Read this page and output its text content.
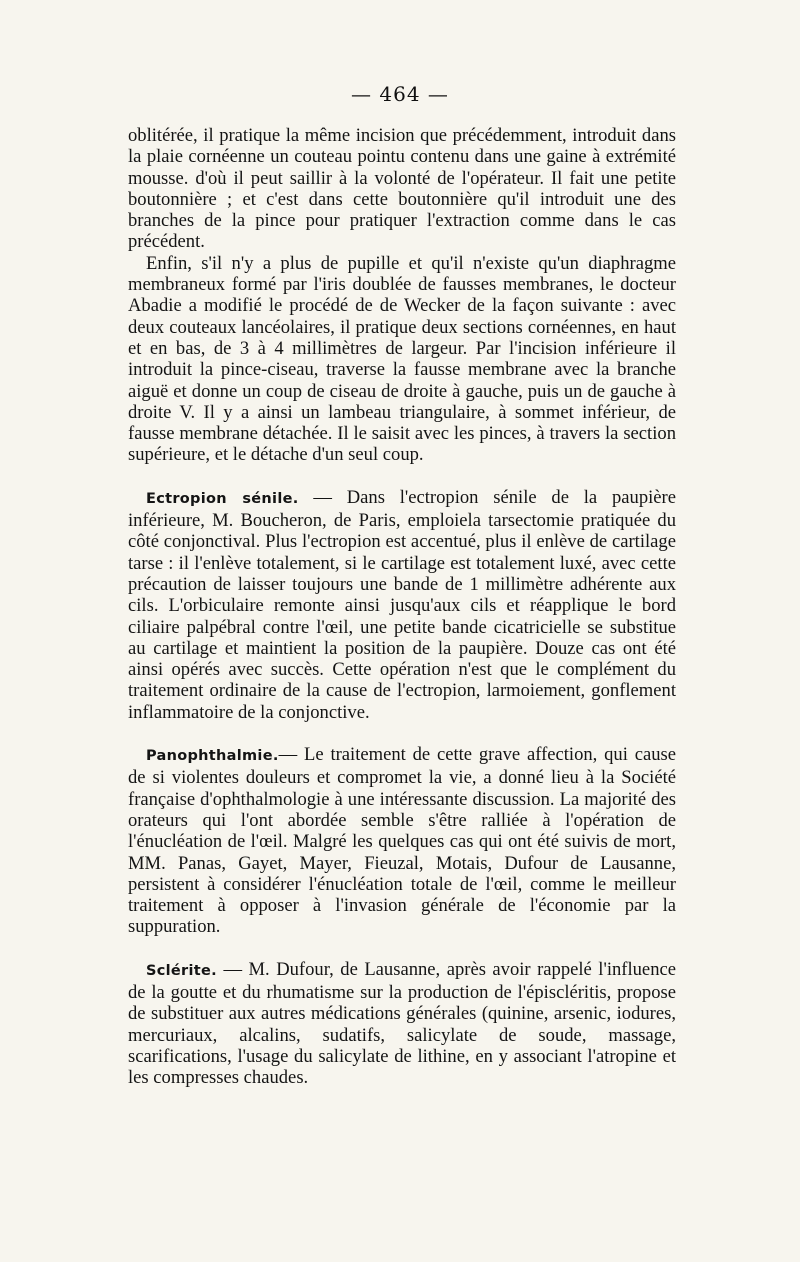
— 464 —

oblitérée, il pratique la même incision que précédemment, introduit dans la plaie cornéenne un couteau pointu contenu dans une gaine à extrémité mousse. d'où il peut saillir à la volonté de l'opérateur. Il fait une petite boutonnière ; et c'est dans cette boutonnière qu'il introduit une des branches de la pince pour pratiquer l'extraction comme dans le cas précédent.

Enfin, s'il n'y a plus de pupille et qu'il n'existe qu'un diaphragme membraneux formé par l'iris doublée de fausses membranes, le docteur Abadie a modifié le procédé de de Wecker de la façon suivante : avec deux couteaux lancéolaires, il pratique deux sections cornéennes, en haut et en bas, de 3 à 4 millimètres de largeur. Par l'incision inférieure il introduit la pince-ciseau, traverse la fausse membrane avec la branche aiguë et donne un coup de ciseau de droite à gauche, puis un de gauche à droite V. Il y a ainsi un lambeau triangulaire, à sommet inférieur, de fausse membrane détachée. Il le saisit avec les pinces, à travers la section supérieure, et le détache d'un seul coup.

Ectropion sénile. — Dans l'ectropion sénile de la paupière inférieure, M. Boucheron, de Paris, emploiela tarsectomie pratiquée du côté conjonctival. Plus l'ectropion est accentué, plus il enlève de cartilage tarse : il l'enlève totalement, si le cartilage est totalement luxé, avec cette précaution de laisser toujours une bande de 1 millimètre adhérente aux cils. L'orbiculaire remonte ainsi jusqu'aux cils et réapplique le bord ciliaire palpébral contre l'œil, une petite bande cicatricielle se substitue au cartilage et maintient la position de la paupière. Douze cas ont été ainsi opérés avec succès. Cette opération n'est que le complément du traitement ordinaire de la cause de l'ectropion, larmoiement, gonflement inflammatoire de la conjonctive.

Panophthalmie.— Le traitement de cette grave affection, qui cause de si violentes douleurs et compromet la vie, a donné lieu à la Société française d'ophthalmologie à une intéressante discussion. La majorité des orateurs qui l'ont abordée semble s'être ralliée à l'opération de l'énucléation de l'œil. Malgré les quelques cas qui ont été suivis de mort, MM. Panas, Gayet, Mayer, Fieuzal, Motais, Dufour de Lausanne, persistent à considérer l'énucléation totale de l'œil, comme le meilleur traitement à opposer à l'invasion générale de l'économie par la suppuration.

Sclérite. — M. Dufour, de Lausanne, après avoir rappelé l'influence de la goutte et du rhumatisme sur la production de l'épiscléritis, propose de substituer aux autres médications générales (quinine, arsenic, iodures, mercuriaux, alcalins, sudatifs, salicylate de soude, massage, scarifications, l'usage du salicylate de lithine, en y associant l'atropine et les compresses chaudes.
